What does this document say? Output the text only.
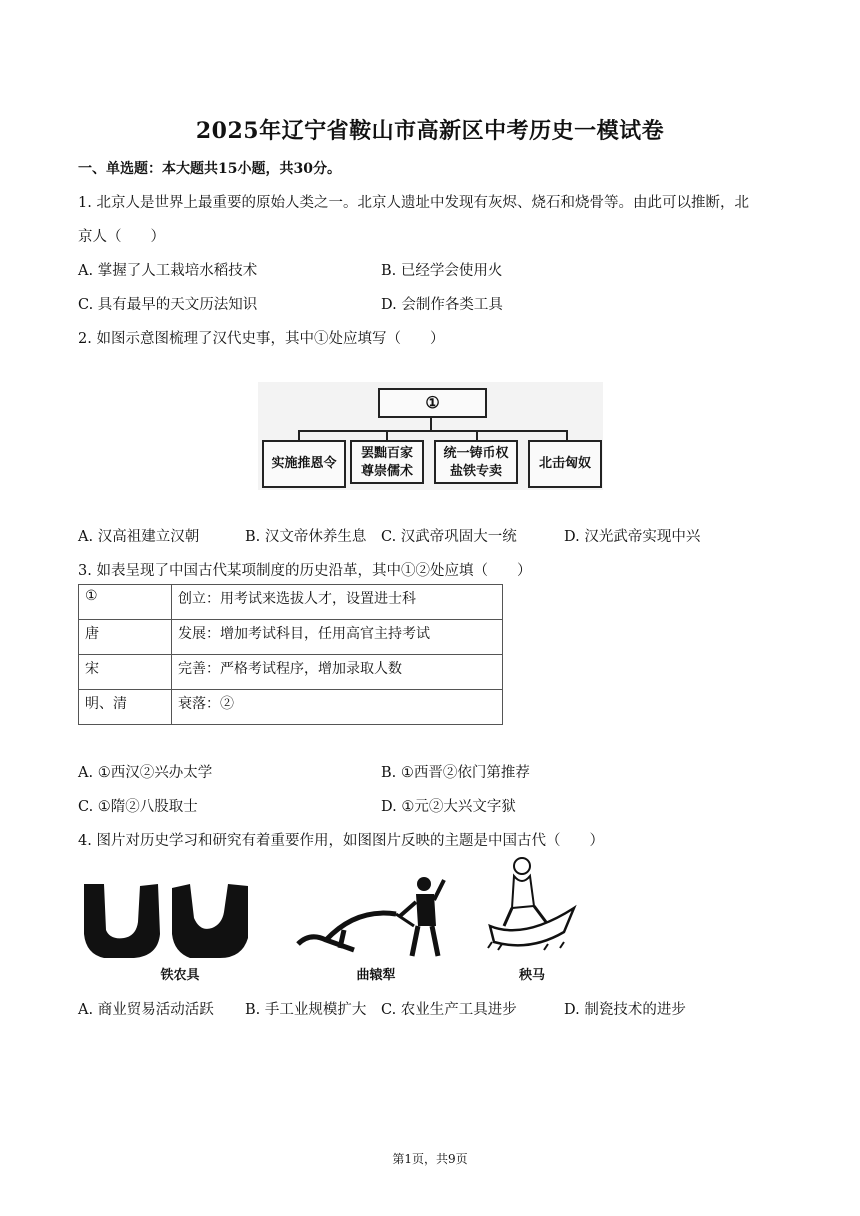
2025年辽宁省鞍山市高新区中考历史一模试卷
一、单选题：本大题共15小题，共30分。
1. 北京人是世界上最重要的原始人类之一。北京人遗址中发现有灰烬、烧石和烧骨等。由此可以推断，北
京人（　　）
A. 掌握了人工栽培水稻技术	B. 已经学会使用火
C. 具有最早的天文历法知识	D. 会制作各类工具
2. 如图示意图梳理了汉代史事，其中①处应填写（　　）
①
实施推恩令
罢黜百家
尊崇儒术
统一铸币权
盐铁专卖
北击匈奴
A. 汉高祖建立汉朝	B. 汉文帝休养生息 C. 汉武帝巩固大一统	D. 汉光武帝实现中兴
3. 如表呈现了中国古代某项制度的历史沿革，其中①②处应填（　　）
①	创立：用考试来选拔人才，设置进士科
唐	发展：增加考试科目，任用高官主持考试
宋	完善：严格考试程序，增加录取人数
明、清	衰落：②
A. ①西汉②兴办太学	B. ①西晋②依门第推荐
C. ①隋②八股取士	D. ①元②大兴文字狱
4. 图片对历史学习和研究有着重要作用，如图图片反映的主题是中国古代（　　）
铁农具	曲辕犁	秧马
A. 商业贸易活动活跃 B. 手工业规模扩大 C. 农业生产工具进步	D. 制瓷技术的进步
第1页，共9页
